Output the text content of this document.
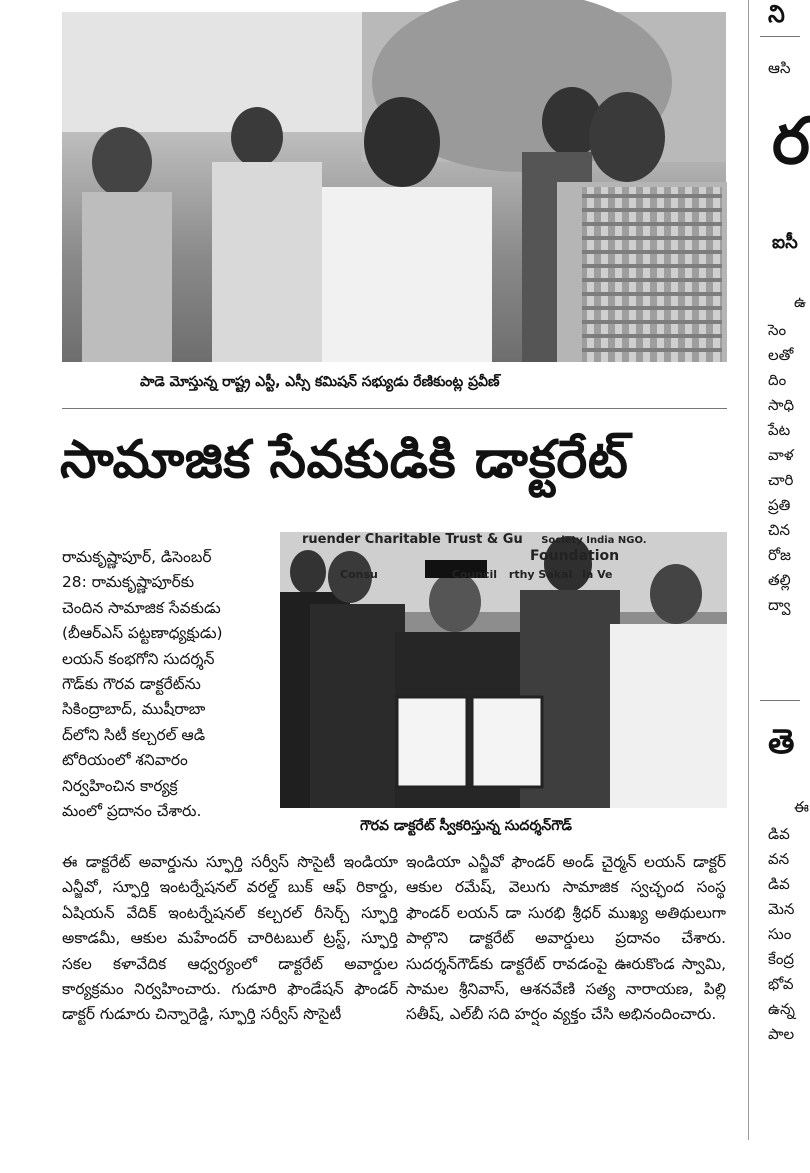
పాడె మోస్తున్న రాష్ట్ర ఎస్టీ, ఎస్సీ కమిషన్ సభ్యుడు రేణికుంట్ల ప్రవీణ్
సామాజిక సేవకుడికి డాక్టరేట్

రామకృష్ణాపూర్, డిసెంబర్

28: రామకృష్ణాపూర్‌కు

చెందిన సామాజిక సేవకుడు

(బీఆర్ఎస్ పట్టణాధ్యక్షుడు)

లయన్ కంభగోని సుదర్శన్

గౌడ్‌కు గౌరవ డాక్టరేట్‌ను

సికింద్రాబాద్, ముషీరాబా

ద్‌లోని సిటీ కల్చరల్ ఆడి

టోరియంలో శనివారం

నిర్వహించిన కార్యక్ర

మంలో ప్రదానం చేశారు.

ruender Charitable Trust & Gu Society India NGO.
Foundation
Consu	Council rthy Sakal la Ve
గౌరవ డాక్టరేట్ స్వీకరిస్తున్న సుదర్శన్‌గౌడ్
ఈ డాక్టరేట్ అవార్డును స్ఫూర్తి సర్వీస్ సొసైటీ ఇండియా ఎన్జీవో, స్ఫూర్తి ఇంటర్నేషనల్ వరల్డ్ బుక్ ఆఫ్ రికార్డు, ఏషియన్ వేదిక్ ఇంటర్నేషనల్ కల్చరల్ రీసెర్చ్ స్ఫూర్తి అకాడమీ, ఆకుల మహేందర్ చారిటబుల్ ట్రస్ట్, స్ఫూర్తి సకల కళావేదిక ఆధ్వర్యంలో డాక్టరేట్ అవార్డుల కార్యక్రమం నిర్వహించారు. గుడూరి ఫౌండేషన్ ఫౌండర్ డాక్టర్ గుడూరు చిన్నారెడ్డి, స్ఫూర్తి సర్వీస్ సొసైటీ
ఇండియా ఎన్జీవో ఫౌండర్ అండ్ చైర్మన్ లయన్ డాక్టర్ ఆకుల రమేష్, వెలుగు సామాజిక స్వచ్ఛంద సంస్థ ఫౌండర్ లయన్ డా సురభి శ్రీధర్ ముఖ్య అతిథులుగా పాల్గొని డాక్టరేట్ అవార్డులు ప్రదానం చేశారు. సుదర్శన్‌గౌడ్‌కు డాక్టరేట్ రావడంపై ఊరుకొండ స్వామి, సామల శ్రీనివాస్, ఆశనవేణి సత్య నారాయణ, పిల్లి సతీష్, ఎల్‌బీ సది హర్షం వ్యక్తం చేసి అభినందించారు.
ని
ఆసి
ర
ఐసీ
ఉ
సెం
లతో
దిం
సాధి
పేట
వాళ
చారి
ప్రతి
చిన
రోజ
తల్లి
ద్వా
తె
ఈ
డివ
వన
డివ
మెన
సుం
కేంద్ర
భోవ
ఉన్న
పాల
